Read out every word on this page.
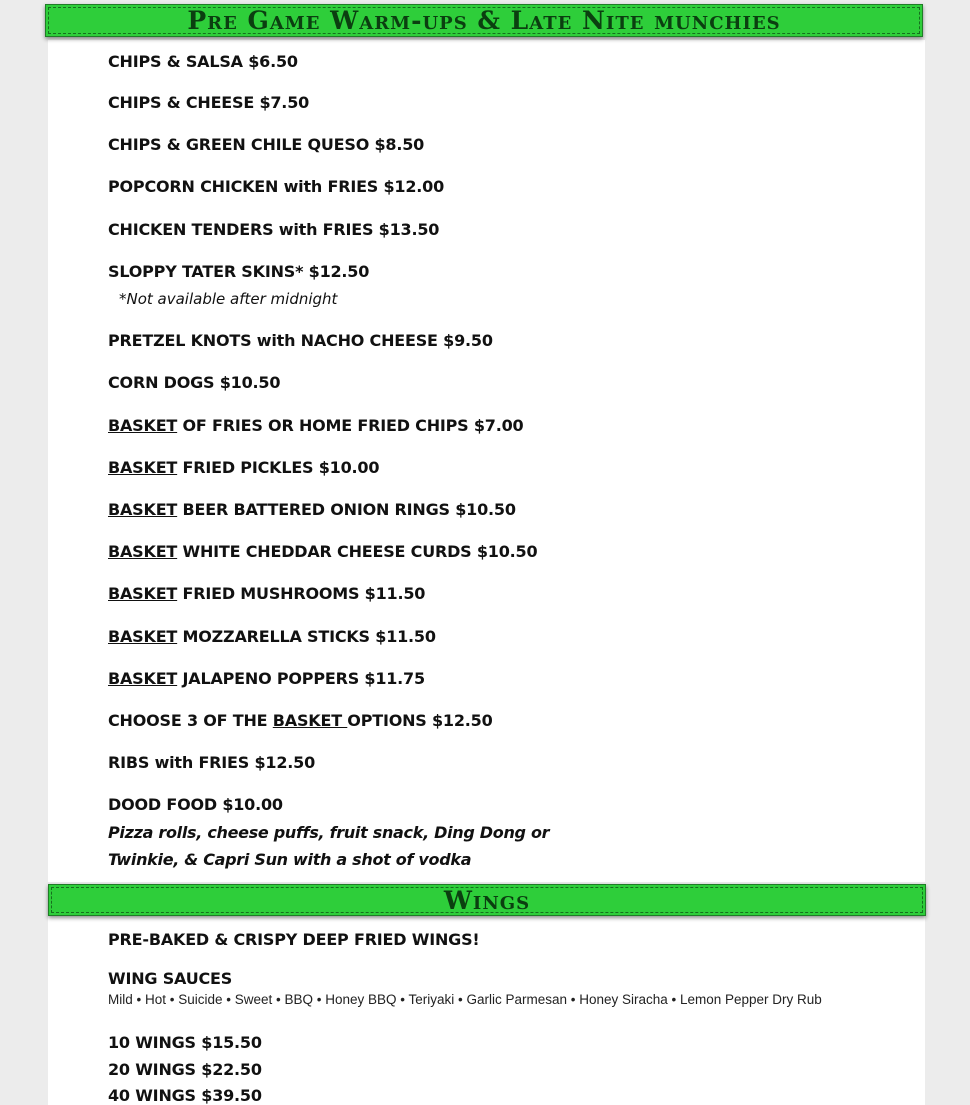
Pre Game Warm-ups & Late Nite munchies
CHIPS & SALSA $6.50
CHIPS & CHEESE $7.50
CHIPS & GREEN CHILE QUESO $8.50
POPCORN CHICKEN with FRIES $12.00
CHICKEN TENDERS with FRIES $13.50
SLOPPY TATER SKINS* $12.50
*Not available after midnight
PRETZEL KNOTS with NACHO CHEESE $9.50
CORN DOGS $10.50
BASKET OF FRIES OR HOME FRIED CHIPS $7.00
BASKET FRIED PICKLES $10.00
BASKET BEER BATTERED ONION RINGS $10.50
BASKET WHITE CHEDDAR CHEESE CURDS $10.50
BASKET FRIED MUSHROOMS $11.50
BASKET MOZZARELLA STICKS $11.50
BASKET JALAPENO POPPERS $11.75
CHOOSE 3 OF THE BASKET OPTIONS $12.50
RIBS with FRIES $12.50
DOOD FOOD $10.00
Pizza rolls, cheese puffs, fruit snack, Ding Dong or
Twinkie, & Capri Sun with a shot of vodka
Wings
PRE-BAKED & CRISPY DEEP FRIED WINGS!
WING SAUCES
Mild • Hot • Suicide • Sweet • BBQ • Honey BBQ • Teriyaki • Garlic Parmesan • Honey Siracha • Lemon Pepper Dry Rub
10 WINGS $15.50
20 WINGS $22.50
40 WINGS $39.50
